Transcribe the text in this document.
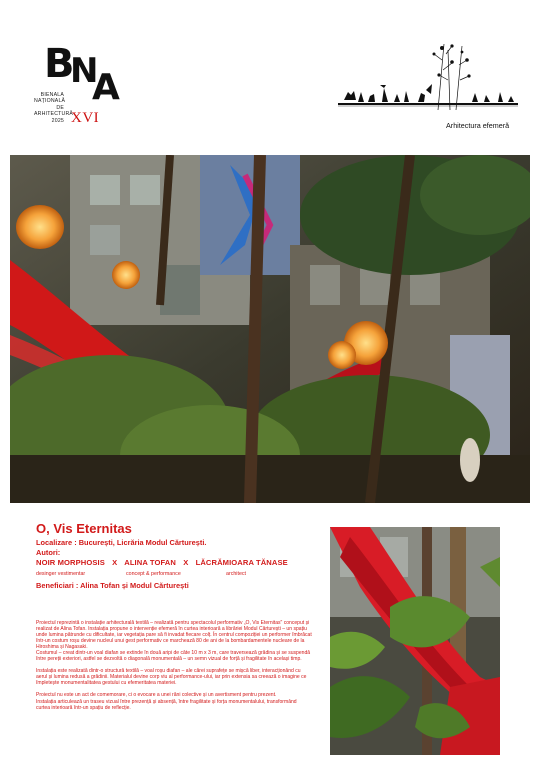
B
N
A
BIENALA
NAȚIONALĂ
DE
ARHITECTURĂ
2025 XVI	Arhitectura efemeră
O, Vis Eternitas
Localizare : București, Licrăria Modul Cărturești.
Autori:
NOIR MORPHOSIS X ALINA TOFAN X LĂCRĂMIOARA TĂNASE
desinger vestimentar	concept & performance	architect
Beneficiari : Alina Tofan și Modul Cărturești

Proiectul reprezintă o instalație arhitecturală textilă – realizată pentru spectacolul performativ „O, Vis Eternitas" conceput și realizat de Alina Tofan. Instalația propune o intervenție efemeră în curtea interioară a librăriei Modul Cărturești – un spațiu unde lumina pătrunde cu dificultate, iar vegetația pare să fi invadat fiecare colț. În centrul compoziției un performer îmbrăcat într-un costum roșu devine nucleul unui gest performativ ce marchează 80 de ani de la bombardamentele nucleare de la Hiroshima și Nagasaki.
Costumul – creat dintr-un voal diafan se extinde în două aripi de câte 10 m x 3 m, care traversează grădina și se suspendă între pereții exteriori, astfel se dezvoltă o diagonală monumentală – un semn vizual de forță și fragilitate în același timp.

Instalația este realizată dintr-o structură textilă – voal roșu diafan – ale cărei suprafețe se mișcă liber, interacționând cu aerul și lumina redusă a grădinii. Materialul devine corp viu al performance-ului, iar prin extensia sa creează o imagine ce împletește monumentalitatea gestului cu efemeritatea materiei.

Proiectul nu este un act de comemorare, ci o evocare a unei răni colective și un avertisment pentru prezent.
Instalația articulează un traseu vizual între prezență și absență, între fragilitate și forța monumentalului, transformând curtea interioară într-un spațiu de reflecție.
